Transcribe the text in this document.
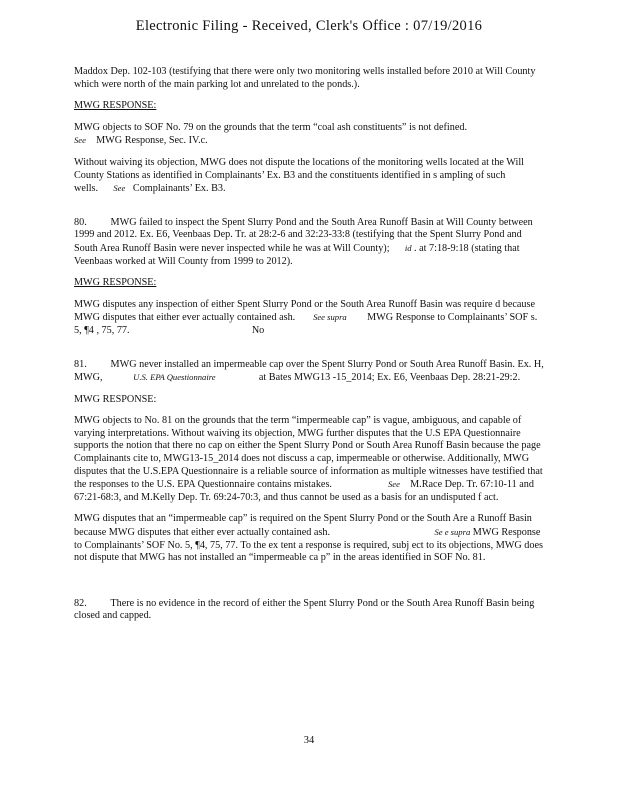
Electronic Filing - Received, Clerk's Office : 07/19/2016

Maddox Dep. 102-103 (testifying that there were only two monitoring wells installed before 2010 at Will County which were north of the main parking lot and unrelated to the ponds.).

MWG RESPONSE:

MWG objects to SOF No. 79 on the grounds that the term “coal ash constituents” is not defined.
See MWG Response, Sec. IV.c.

Without waiving its objection, MWG does not dispute the locations of the monitoring wells located at the Will County Stations as identified in Complainants’ Ex. B3 and the constituents identified in s ampling of such wells. See Complainants’ Ex. B3.

80. MWG failed to inspect the Spent Slurry Pond and the South Area Runoff Basin at Will County between 1999 and 2012. Ex. E6, Veenbaas Dep. Tr. at 28:2-6 and 32:23-33:8 (testifying that the Spent Slurry Pond and South Area Runoff Basin were never inspected while he was at Will County); id . at 7:18-9:18 (stating that Veenbaas worked at Will County from 1999 to 2012).

MWG RESPONSE:

MWG disputes any inspection of either Spent Slurry Pond or the South Area Runoff Basin was require d because MWG disputes that either ever actually contained ash. See supra MWG Response to Complainants’ SOF s. 5, ¶4 , 75, 77.	No

81. MWG never installed an impermeable cap over the Spent Slurry Pond or South Area Runoff Basin. Ex. H, MWG,	U.S. EPA Questionnaire	at Bates MWG13 -15_2014; Ex. E6, Veenbaas Dep. 28:21-29:2.

MWG RESPONSE:

MWG objects to No. 81 on the grounds that the term “impermeable cap” is vague, ambiguous, and capable of varying interpretations. Without waiving its objection, MWG further disputes that the U.S EPA Questionnaire supports the notion that there no cap on either the Spent Slurry Pond or South Area Runoff Basin because the page Complainants cite to, MWG13-15_2014 does not discuss a cap, impermeable or otherwise. Additionally, MWG disputes that the U.S.EPA Questionnaire is a reliable source of information as multiple witnesses have testified that the responses to the U.S. EPA Questionnaire contains mistakes.	See M.Race Dep. Tr. 67:10-11 and 67:21-68:3, and M.Kelly Dep. Tr. 69:24-70:3, and thus cannot be used as a basis for an undisputed f act.

MWG disputes that an “impermeable cap” is required on the Spent Slurry Pond or the South Are a Runoff Basin because MWG disputes that either ever actually contained ash.	Se e supra MWG Response to Complainants’ SOF No. 5, ¶4, 75, 77. To the ex tent a response is required, subj ect to its objections, MWG does not dispute that MWG has not installed an “impermeable ca p” in the areas identified in SOF No. 81.

82. There is no evidence in the record of either the Spent Slurry Pond or the South Area Runoff Basin being closed and capped.

34
